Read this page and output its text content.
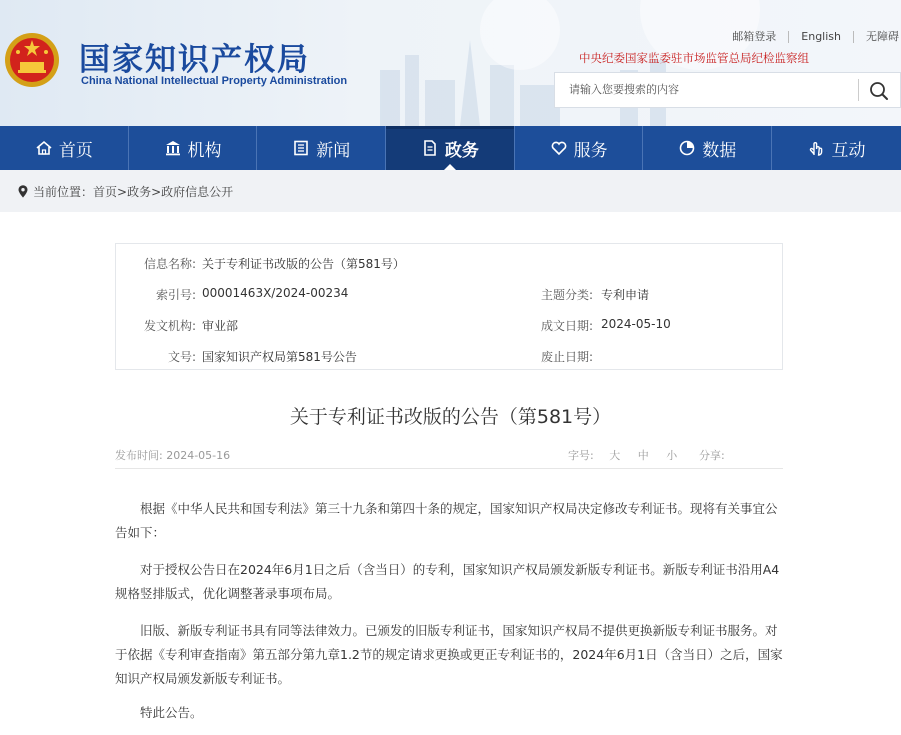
国家知识产权局
China National Intellectual Property Administration
邮箱登录	English	无障碍
中央纪委国家监委驻市场监管总局纪检监察组
请输入您要搜索的内容
首页	机构	新闻	政务	服务	数据	互动
当前位置： 首页>政务>政府信息公开
信息名称: 关于专利证书改版的公告（第581号）
索引号: 00001463X/2024-00234	主题分类: 专利申请
发文机构: 审业部	成文日期: 2024-05-10
文号: 国家知识产权局第581号公告	废止日期:
关于专利证书改版的公告（第581号）
发布时间: 2024-05-16	字号: 大 中 小 分享:
根据《中华人民共和国专利法》第三十九条和第四十条的规定，国家知识产权局决定修改专利证书。现将有关事宜公告如下：
对于授权公告日在2024年6月1日之后（含当日）的专利，国家知识产权局颁发新版专利证书。新版专利证书沿用A4规格竖排版式，优化调整著录事项布局。
旧版、新版专利证书具有同等法律效力。已颁发的旧版专利证书，国家知识产权局不提供更换新版专利证书服务。对于依据《专利审查指南》第五部分第九章1.2节的规定请求更换或更正专利证书的，2024年6月1日（含当日）之后，国家知识产权局颁发新版专利证书。
特此公告。
